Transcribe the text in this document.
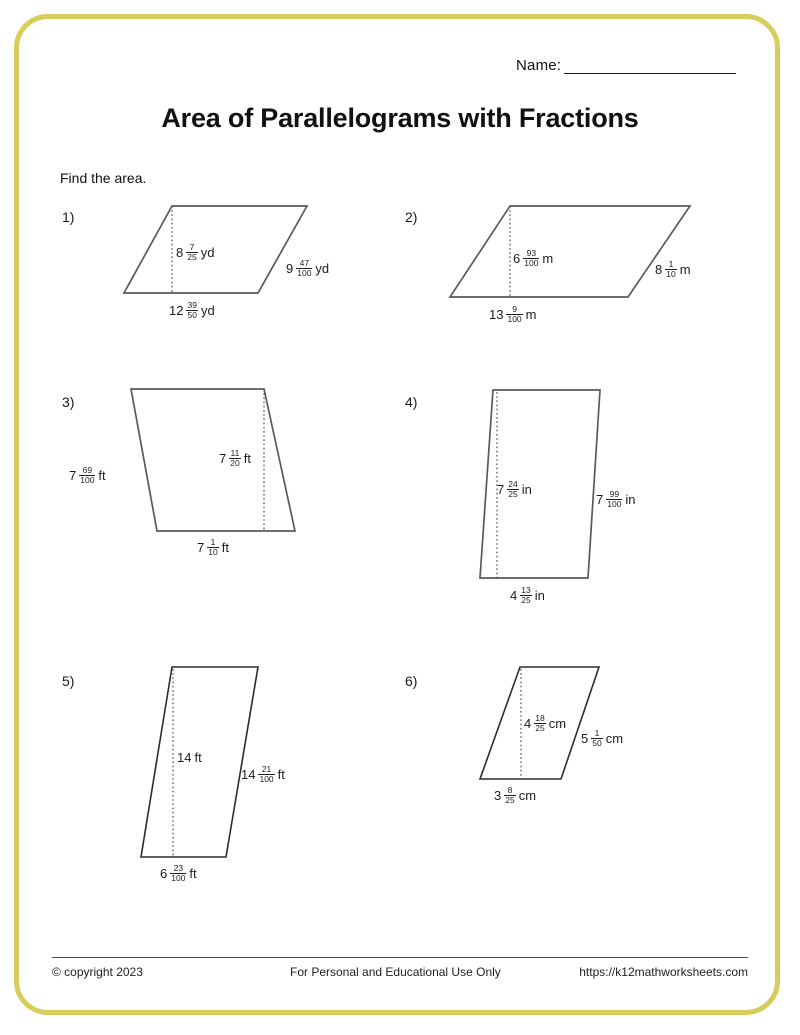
Name:
Area of Parallelograms with Fractions
Find the area.
1)
$8 \frac{7}{25}$ yd
$9 \frac{47}{100}$ yd
$12 \frac{39}{50}$ yd
2)
$6 \frac{93}{100}$ m
$8 \frac{1}{10}$ m
$13 \frac{9}{100}$ m
3)
$7 \frac{11}{20}$ ft
$7 \frac{69}{100}$ ft
$7 \frac{1}{10}$ ft
4)
$7 \frac{24}{25}$ in
$7 \frac{99}{100}$ in
$4 \frac{13}{25}$ in
5)
14 ft
$14 \frac{21}{100}$ ft
$6 \frac{23}{100}$ ft
6)
$4 \frac{18}{25}$ cm
$5 \frac{1}{50}$ cm
$3 \frac{8}{25}$ cm
© copyright 2023	For Personal and Educational Use Only	https://k12mathworksheets.com
